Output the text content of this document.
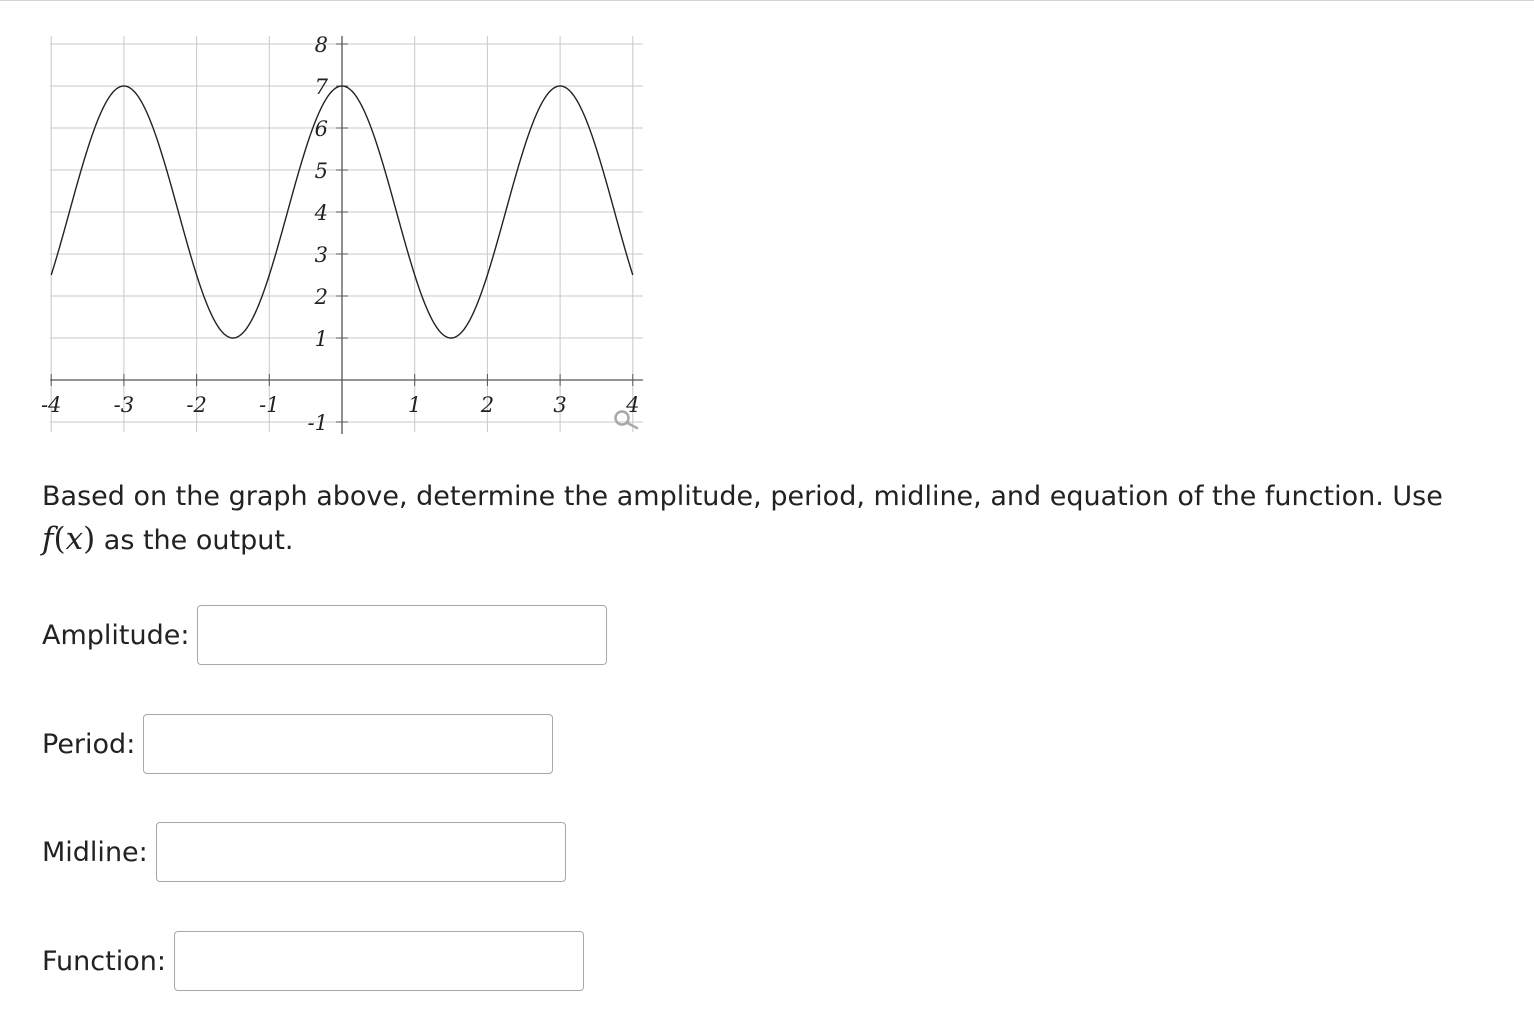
-4 -3 -2 -1	1	2	3	4
-1
1
2
3
4
5
6
7
8
Based on the graph above, determine the amplitude, period, midline, and equation of the function. Use f(x) as the output.
Amplitude:
Period:
Midline:
Function:
